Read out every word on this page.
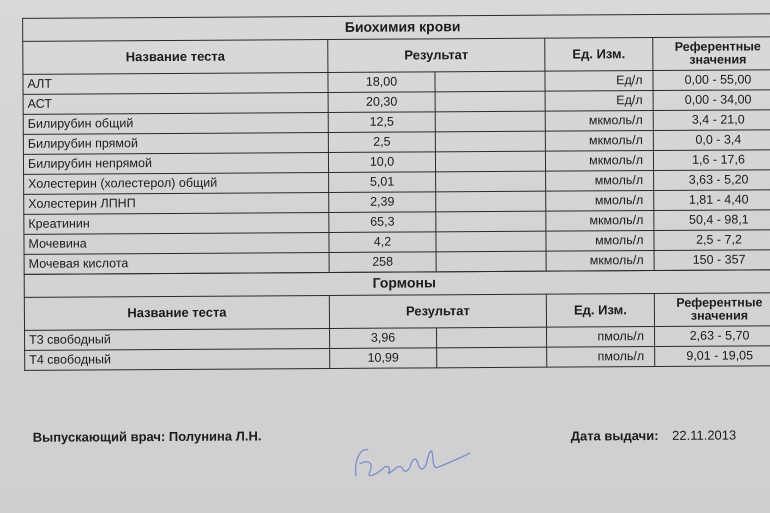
Биохимия крови				
Название теста	Результат		Ед. Изм.	Референтные
значения
АЛТ	18,00		Ед/л	0,00 - 55,00
АСТ	20,30		Ед/л	0,00 - 34,00
Билирубин общий	12,5		мкмоль/л	3,4 - 21,0
Билирубин прямой	2,5		мкмоль/л	0,0 - 3,4
Билирубин непрямой	10,0		мкмоль/л	1,6 - 17,6
Холестерин (холестерол) общий	5,01		ммоль/л	3,63 - 5,20
Холестерин ЛПНП	2,39		ммоль/л	1,81 - 4,40
Креатинин	65,3		мкмоль/л	50,4 - 98,1
Мочевина	4,2		ммоль/л	2,5 - 7,2
Мочевая кислота	258		мкмоль/л	150 - 357
Гормоны				
Название теста	Результат		Ед. Изм.	Референтные
значения
Т3 свободный	3,96		пмоль/л	2,63 - 5,70
Т4 свободный	10,99		пмоль/л	9,01 - 19,05
Выпускающий врач: Полунина Л.Н.	Дата выдачи: 22.11.2013
